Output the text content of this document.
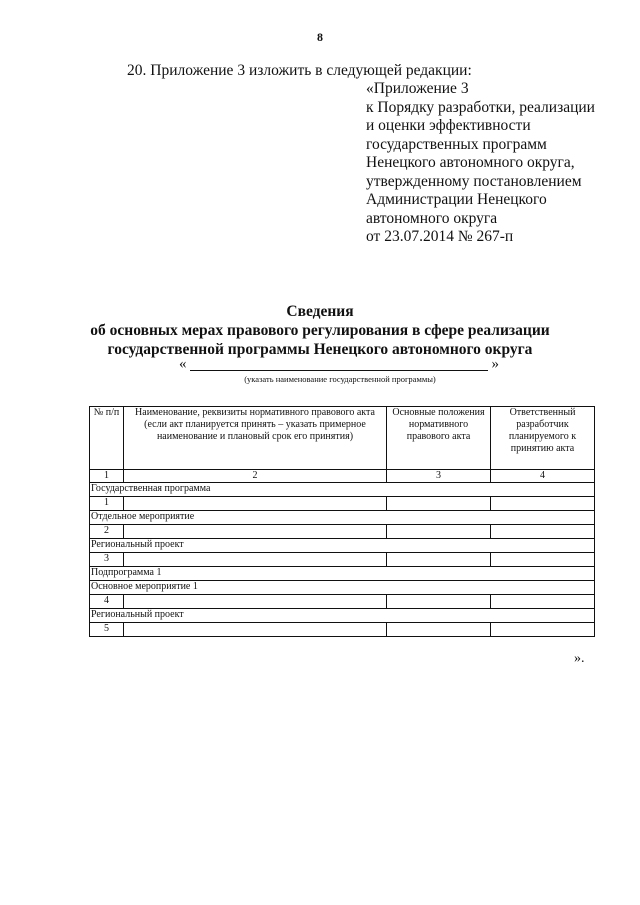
8
20. Приложение 3 изложить в следующей редакции:
«Приложение 3
к Порядку разработки, реализации
и оценки эффективности
государственных программ
Ненецкого автономного округа,
утвержденному постановлением
Администрации Ненецкого
автономного округа
от 23.07.2014 № 267-п
Сведения
об основных мерах правового регулирования в сфере реализации
государственной программы Ненецкого автономного округа
«	»
(указать наименование государственной программы)
№ п/п	Наименование, реквизиты нормативного правового акта (если акт планируется принять – указать примерное наименование и плановый срок его принятия)	Основные положения нормативного правового акта	Ответственный разработчик планируемого к принятию акта
1	2	3	4
Государственная программа			
1			
Отдельное мероприятие			
2			
Региональный проект			
3			
Подпрограмма 1			
Основное мероприятие 1			
4			
Региональный проект			
5			
».
